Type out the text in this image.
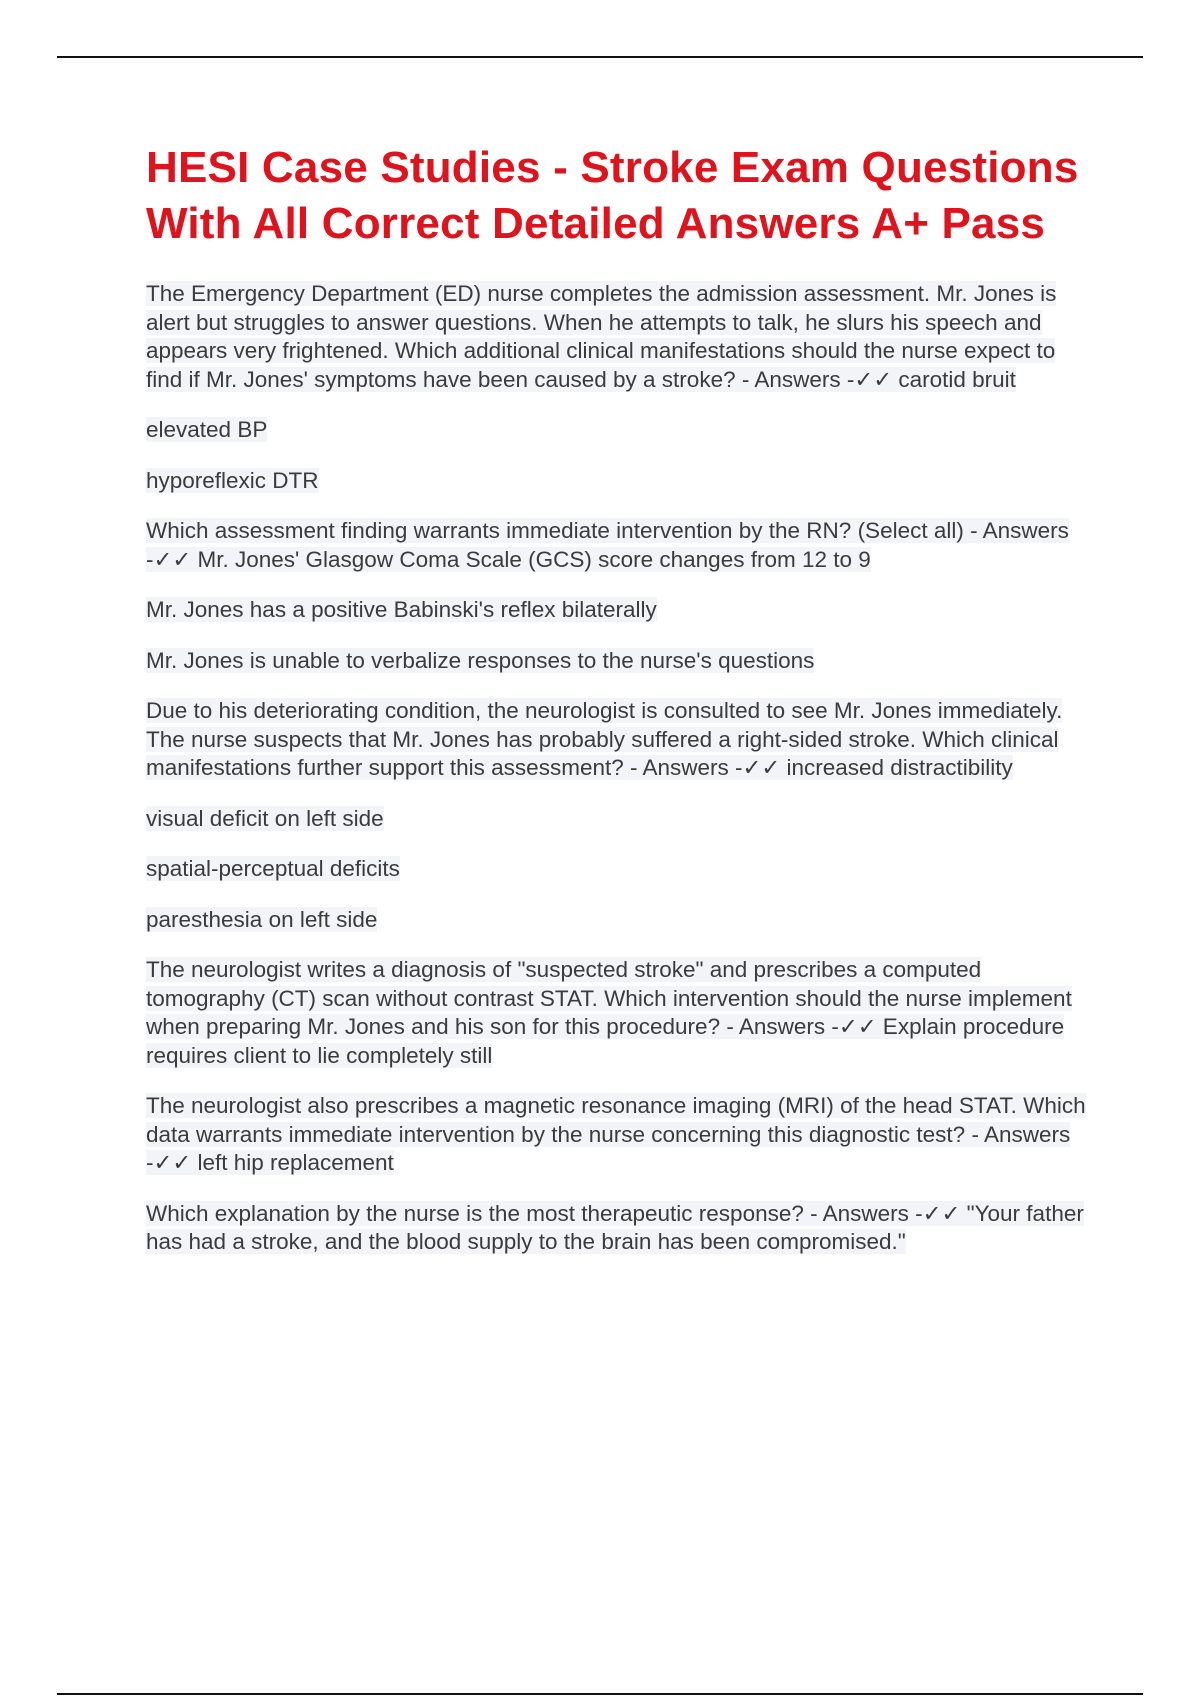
HESI Case Studies - Stroke Exam Questions With All Correct Detailed Answers A+ Pass

The Emergency Department (ED) nurse completes the admission assessment. Mr. Jones is alert but struggles to answer questions. When he attempts to talk, he slurs his speech and appears very frightened. Which additional clinical manifestations should the nurse expect to find if Mr. Jones' symptoms have been caused by a stroke? - Answers -✓✓ carotid bruit

elevated BP

hyporeflexic DTR

Which assessment finding warrants immediate intervention by the RN? (Select all) - Answers -✓✓ Mr. Jones' Glasgow Coma Scale (GCS) score changes from 12 to 9

Mr. Jones has a positive Babinski's reflex bilaterally

Mr. Jones is unable to verbalize responses to the nurse's questions

Due to his deteriorating condition, the neurologist is consulted to see Mr. Jones immediately. The nurse suspects that Mr. Jones has probably suffered a right-sided stroke. Which clinical manifestations further support this assessment? - Answers -✓✓ increased distractibility

visual deficit on left side

spatial-perceptual deficits

paresthesia on left side

The neurologist writes a diagnosis of "suspected stroke" and prescribes a computed tomography (CT) scan without contrast STAT. Which intervention should the nurse implement when preparing Mr. Jones and his son for this procedure? - Answers -✓✓ Explain procedure requires client to lie completely still

The neurologist also prescribes a magnetic resonance imaging (MRI) of the head STAT. Which data warrants immediate intervention by the nurse concerning this diagnostic test? - Answers -✓✓ left hip replacement

Which explanation by the nurse is the most therapeutic response? - Answers -✓✓ "Your father has had a stroke, and the blood supply to the brain has been compromised."
